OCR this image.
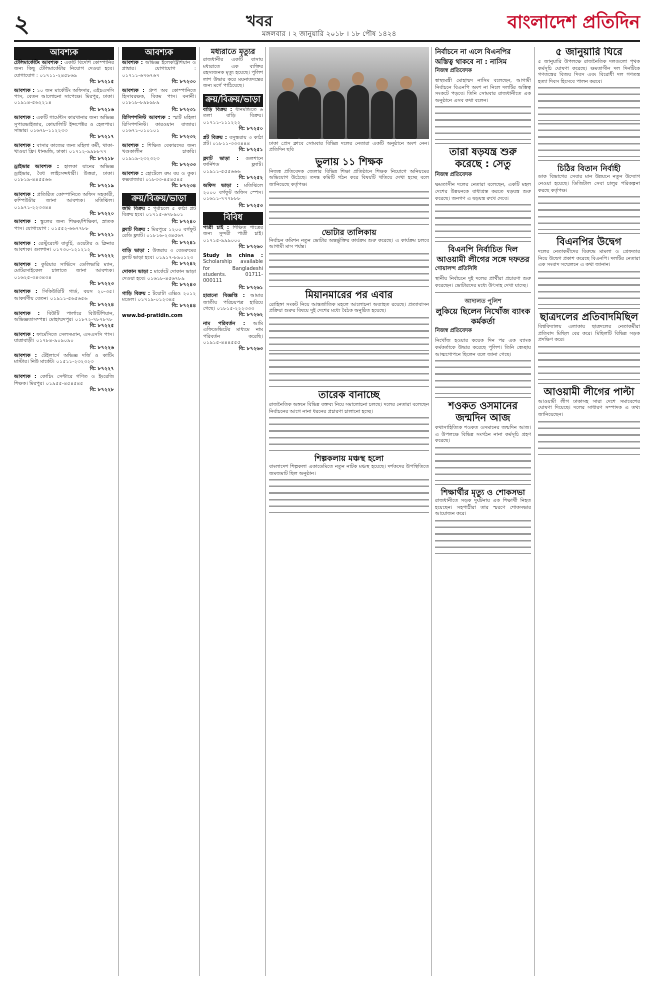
২	খবর	বাংলাদেশ প্রতিদিন
মঙ্গলবার । ২ জানুয়ারি ২০১৮ । ১৮ পৌষ ১৪২৪
আবশ্যক

টেলিমার্কেটিং আবশ্যক : একটি বিদেশি কোম্পানির জন্য কিছু টেলিমার্কেটার নিয়োগ দেওয়া হবে। যোগাযোগ : ০১৭১১-২৪৫৮৬৯
বি: ৮৭২১৫

আবশ্যক : ১০ জন মার্কেটিং অফিসার, এইচএসসি পাস, বেতন আলোচনা সাপেক্ষে। মিরপুর, ঢাকা। ০১৯১৪-৫৬২২১৪
বি: ৮৭২১৬

আবশ্যক : একটি গার্মেন্টস কারখানার জন্য অভিজ্ঞ সুপারভাইজার, কোয়ালিটি ইন্সপেক্টর ও হেলপার। সাভার। ০১৬৭৮-১১২২৩৩
বি: ৮৭২১৭

আবশ্যক : বাসার কাজের জন্য মহিলা কর্মী, থাকা-খাওয়া ফ্রি। ধানমন্ডি, ঢাকা। ০১৭১২-৯৯৮৮৭৭
বি: ৮৭২১৮

ড্রাইভার আবশ্যক : হালকা যানের অভিজ্ঞ ড্রাইভার, বৈধ লাইসেন্সধারী। উত্তরা, ঢাকা। ০১৮১৯-৪৪৫৫৬৬
বি: ৮৭২১৯

আবশ্যক : প্রতিষ্ঠিত কোম্পানিতে অফিস সহকারী, কম্পিউটার জানা আবশ্যক। মতিঝিল। ০১৯৭১-২২৩৩৪৪
বি: ৮৭২২০

আবশ্যক : স্কুলের জন্য শিক্ষক/শিক্ষিকা, স্নাতক পাস। যোগাযোগ : ০১৫৫২-৬৬৭৭৮৮
বি: ৮৭২২১

আবশ্যক : রেস্টুরেন্টে বাবুর্চি, ওয়েটার ও ক্লিনার আবশ্যক। গুলশান। ০১৭৩০-১২১২১২
বি: ৮৭২২২

আবশ্যক : কুরিয়ার সার্ভিসে ডেলিভারি ম্যান, মোটরসাইকেল চালাতে জানা আবশ্যক। ০১৬২৫-৩৪৩৪৩৪
বি: ৮৭২২৩

আবশ্যক : সিকিউরিটি গার্ড, বয়স ২০-৩৫। আকর্ষণীয় বেতন। ০১৯১১-৫৬৫৬৫৬
বি: ৮৭২২৪

আবশ্যক : বিউটি পার্লারে বিউটিশিয়ান, অভিজ্ঞতাসম্পন্ন। মোহাম্মদপুর। ০১৮৭২-৭৮৭৮৭৮
বি: ৮৭২২৫

আবশ্যক : ফার্মেসিতে সেলসম্যান, এসএসসি পাস। যাত্রাবাড়ী। ০১৭৮৪-৯০৯০৯০
বি: ৮৭২২৬

আবশ্যক : টেইলার্সে অভিজ্ঞ দর্জি ও কাটিং মাস্টার। নিউ মার্কেট। ০১৫১১-২৩২৩২৩
বি: ৮৭২২৭

আবশ্যক : কোচিং সেন্টারে গণিত ও ইংরেজি শিক্ষক। মিরপুর। ০১৯৫৫-৪৫৪৫৪৫
বি: ৮৭২২৮

আবশ্যক

আবশ্যক : অভিজ্ঞ ইলেকট্রিশিয়ান ও প্লাম্বার। যোগাযোগ : ০১৭১১-৬৭৬৭৬৭
বি: ৮৭২৩০

আবশ্যক : গ্রুপ অব কোম্পানিতে হিসাবরক্ষক, বিকম পাস। বনানী। ০১৮১৮-৮৯৮৯৮৯
বি: ৮৭২৩১

রিসিপশনিস্ট আবশ্যক : স্মার্ট মহিলা রিসিপশনিস্ট। কারওয়ান বাজার। ০১৬৭১-০১০১০১
বি: ৮৭২৩২

আবশ্যক : শিক্ষিত বেকারদের জন্য খণ্ডকালীন চাকরি। ০১৯১৯-২৩২৩২৩
বি: ৮৭২৩৩

আবশ্যক : হোটেলে রুম বয় ও কুক। কক্সবাজার। ০১৮৩৩-৪৫৪৫৪৫
বি: ৮৭২৩৪

ক্রয়/বিক্রয়/ভাড়া

জমি বিক্রয় : পূর্বাচলে ৫ কাঠা প্লট বিক্রয় হবে। ০১৭১৫-৬৭৮৯০১
বি: ৮৭২৪০

ফ্ল্যাট বিক্রয় : মিরপুরে ১২০০ বর্গফুট রেডি ফ্ল্যাট। ০১৮১৬-২৩৪৫৬৭
বি: ৮৭২৪১

বাড়ি ভাড়া : উত্তরায় ৩ বেডরুমের ফ্ল্যাট ভাড়া হবে। ০১৯১৭-৮৯০১২৩
বি: ৮৭২৪২

দোকান ভাড়া : মার্কেটে দোকান ভাড়া দেওয়া হবে। ০১৬১৮-৪৫৬৭৮৯
বি: ৮৭২৪৩

গাড়ি বিক্রয় : টয়োটা এক্সিও ২০১২ মডেল। ০১৭১৯-০১২৩৪৫
বি: ৮৭২৪৪

www.bd-pratidin.com
মধ্যরাতে মৃত্যুর
রাজধানীর একটি বাসায় মধ্যরাতে এক ব্যক্তির রহস্যজনক মৃত্যু হয়েছে। পুলিশ লাশ উদ্ধার করে ময়নাতদন্তের জন্য মর্গে পাঠিয়েছে।
ক্রয়/বিক্রয়/ভাড়া

বাড়ি বিক্রয় : ধানমন্ডিতে ৬ তলা বাড়ি বিক্রয়। ০১৭১১-১১১২২২
বি: ৮৭২৫০

প্লট বিক্রয় : বসুন্ধরায় ৩ কাঠা প্লট। ০১৮১১-৩৩৩৪৪৪
বি: ৮৭২৫১

ফ্ল্যাট ভাড়া : গুলশানে ফার্নিশড ফ্ল্যাট। ০১৯১১-৫৫৫৬৬৬
বি: ৮৭২৫২

অফিস ভাড়া : মতিঝিলে ২০০০ বর্গফুট অফিস স্পেস। ০১৬১১-৭৭৭৮৮৮
বি: ৮৭২৫৩

বিবিধ

পাত্রী চাই : শিক্ষিত পাত্রের জন্য সুন্দরী পাত্রী চাই। ০১৭১৫-৯৯৯০০০
বি: ৮৭২৬০

Study in china : Scholarship available for Bangladeshi students. 01711-000111
বি: ৮৭২৬১

হারানো বিজ্ঞপ্তি : আমার জাতীয় পরিচয়পত্র হারিয়ে গেছে। ০১৮১৫-২২২৩৩৩
বি: ৮৭২৬২

নাম পরিবর্তন : আমি এফিডেভিটের মাধ্যমে নাম পরিবর্তন করেছি। ০১৯১৫-৪৪৪৫৫৫
বি: ৮৭২৬৩

ঢাকা প্রেস ক্লাবে সোমবার বিভিন্ন দলের নেতারা একটি অনুষ্ঠানে অংশ নেন। প্রতিদিন ছবি
ভুলায় ১১ শিক্ষক
নিজস্ব প্রতিবেদক জেলার বিভিন্ন শিক্ষা প্রতিষ্ঠানে শিক্ষক নিয়োগে অনিয়মের অভিযোগ উঠেছে। তদন্ত কমিটি গঠন করে বিষয়টি খতিয়ে দেখা হচ্ছে বলে জানিয়েছে কর্তৃপক্ষ।
ভোটার তালিকায়
নির্বাচন কমিশন নতুন ভোটার অন্তর্ভুক্তির কার্যক্রম শুরু করেছে। এ কার্যক্রম চলবে আগামী মাস পর্যন্ত।
মিয়ানমারের পর এবার
রোহিঙ্গা সংকট নিয়ে আন্তর্জাতিক মহলে আলোচনা অব্যাহত রয়েছে। প্রত্যাবাসন প্রক্রিয়া শুরুর বিষয়ে দুই দেশের মধ্যে বৈঠক অনুষ্ঠিত হয়েছে।
তারেক বানাচ্ছে
রাজনৈতিক অঙ্গনে বিভিন্ন বক্তব্য নিয়ে সমালোচনা চলছে। দলের নেতারা বলেছেন নির্বাচনের আগে নানা ধরনের প্রচারণা চালানো হচ্ছে।
শিল্পকলায় মঞ্চস্থ হলো
বাংলাদেশ শিল্পকলা একাডেমিতে নতুন নাটক মঞ্চস্থ হয়েছে। দর্শকদের উপস্থিতিতে জমজমাট ছিল অনুষ্ঠান।
নির্বাচনে না এলে বিএনপির অস্তিত্ব থাকবে না : নাসিম
নিজস্ব প্রতিবেদক
স্বাস্থ্যমন্ত্রী মোহাম্মদ নাসিম বলেছেন, আগামী নির্বাচনে বিএনপি অংশ না নিলে দলটির অস্তিত্ব সংকটে পড়বে। তিনি সোমবার রাজধানীতে এক অনুষ্ঠানে এসব কথা বলেন।
তারা ষড়যন্ত্র শুরু করেছে : সেতু
নিজস্ব প্রতিবেদক
ক্ষমতাসীন দলের নেতারা বলেছেন, একটি মহল দেশের উন্নয়নকে বাধাগ্রস্ত করতে ষড়যন্ত্র শুরু করেছে। জনগণ এ ষড়যন্ত্র রুখে দেবে।
বিএনপি নির্বাচিত দিল আওয়ামী লীগের সঙ্গে দফতর
গোয়ালন্দ প্রতিনিধি
স্থানীয় নির্বাচনে দুই দলের প্রার্থীরা প্রচারণা শুরু করেছেন। ভোটারদের মধ্যে উৎসাহ দেখা যাচ্ছে।
আদালত পুলিশ
লুকিয়ে ছিলেন নিখোঁজ ব্যাংক কর্মকর্তা
নিজস্ব প্রতিবেদক
নিখোঁজ হওয়ার কয়েক দিন পর এক ব্যাংক কর্মকর্তাকে উদ্ধার করেছে পুলিশ। তিনি স্বেচ্ছায় আত্মগোপনে ছিলেন বলে জানা গেছে।
শওকত ওসমানের জন্মদিন আজ
কথাসাহিত্যিক শওকত ওসমানের জন্মদিন আজ। এ উপলক্ষে বিভিন্ন সংগঠন নানা কর্মসূচি গ্রহণ করেছে।
শিক্ষার্থীর মৃত্যু ও শোকসভা
রাজধানীতে সড়ক দুর্ঘটনায় এক শিক্ষার্থী নিহত হয়েছেন। সহপাঠীরা তার স্মরণে শোকসভার আয়োজন করে।
৫ জানুয়ারি ঘিরে
৫ জানুয়ারি উপলক্ষে রাজনৈতিক দলগুলো পৃথক কর্মসূচি ঘোষণা করেছে। ক্ষমতাসীন দল দিনটিকে গণতন্ত্রের বিজয় দিবস এবং বিরোধী দল গণতন্ত্র হত্যা দিবস হিসেবে পালন করবে।
চিঠির বিতান নির্বাহী
ডাক বিভাগের সেবার মান উন্নয়নে নতুন উদ্যোগ নেওয়া হয়েছে। ডিজিটাল সেবা চালুর পরিকল্পনা করছে কর্তৃপক্ষ।
বিএনপির উদ্বেগ
দলের নেতাকর্মীদের বিরুদ্ধে মামলা ও গ্রেফতার নিয়ে উদ্বেগ প্রকাশ করেছে বিএনপি। দলটির নেতারা এক সংবাদ সম্মেলনে এ কথা জানান।
ছাত্রদলের প্রতিবাদমিছিল
বিশ্ববিদ্যালয় এলাকায় ছাত্রদলের নেতাকর্মীরা প্রতিবাদ মিছিল বের করে। মিছিলটি বিভিন্ন সড়ক প্রদক্ষিণ করে।
আওয়ামী লীগের পাল্টা
আওয়ামী লীগ ঢাকাসহ সারা দেশে সমাবেশের ঘোষণা দিয়েছে। দলের সাধারণ সম্পাদক এ তথ্য জানিয়েছেন।
